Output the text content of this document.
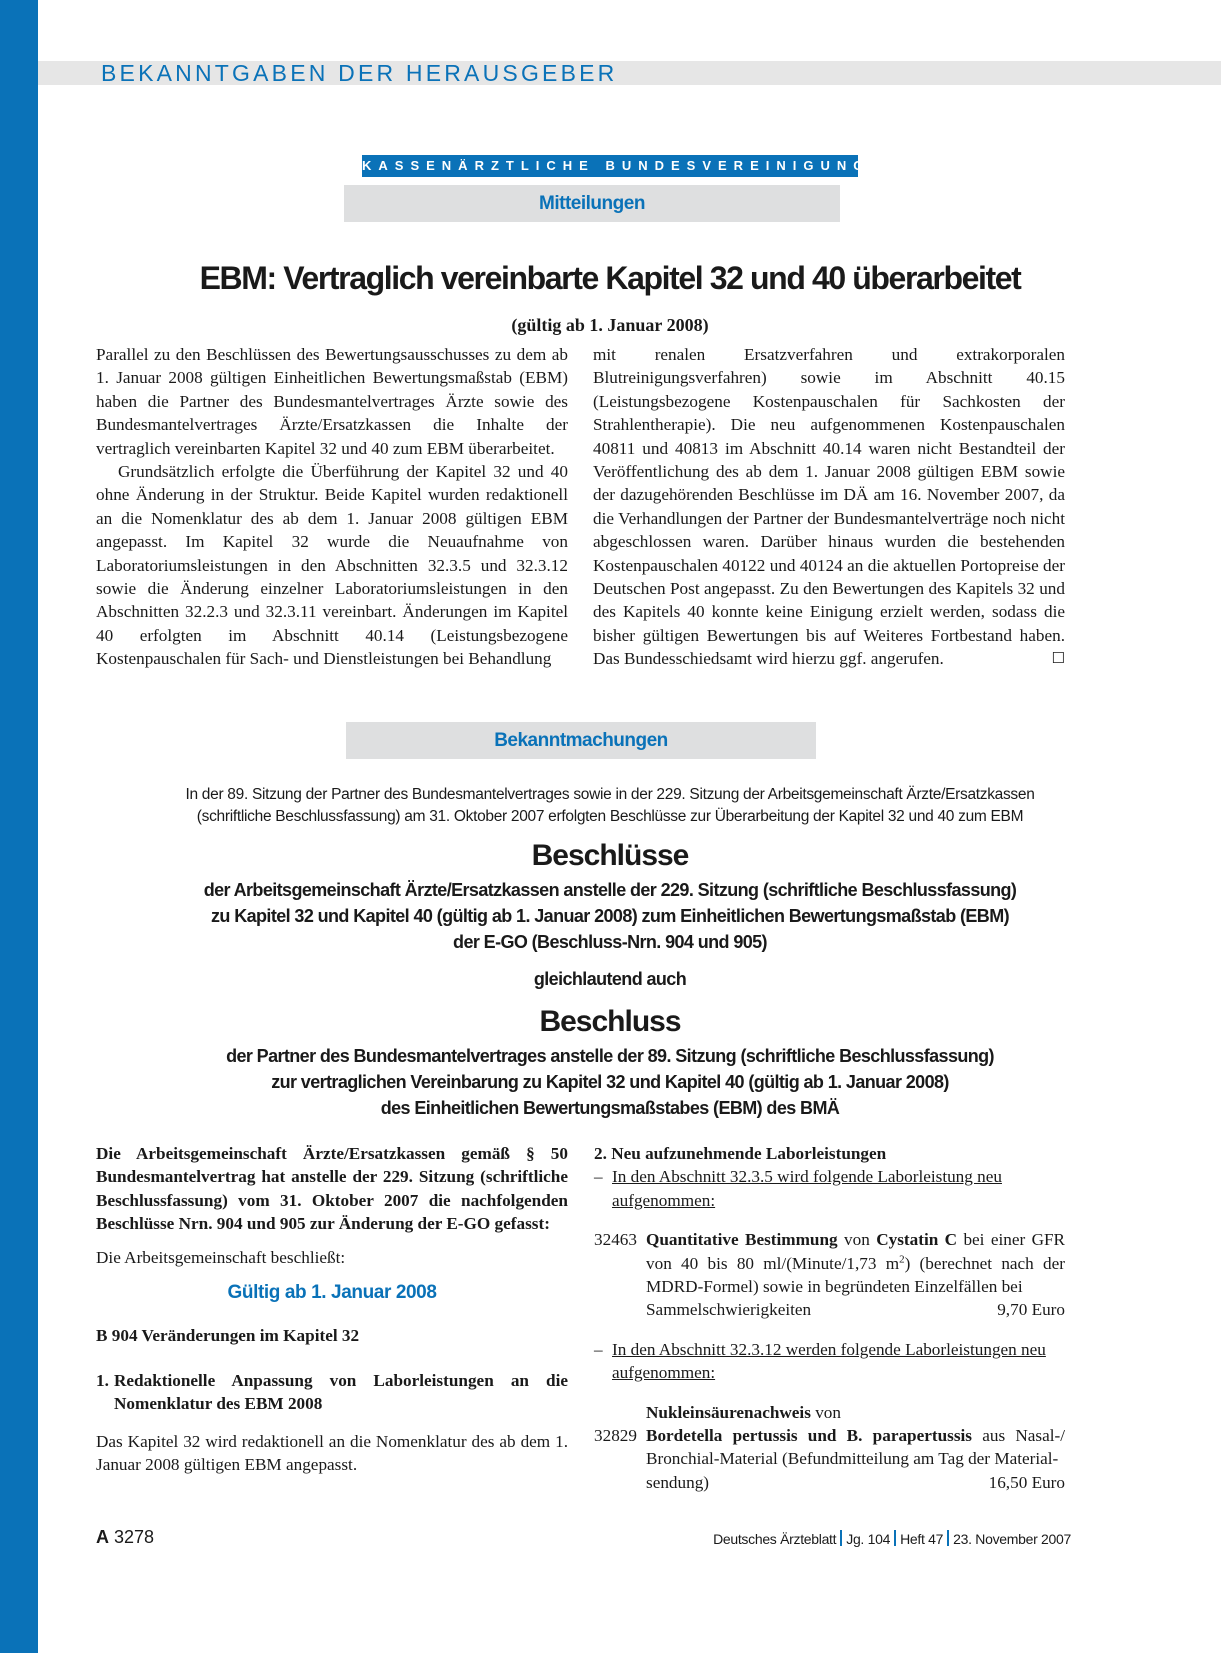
BEKANNTGABEN DER HERAUSGEBER
KASSENÄRZTLICHE BUNDESVEREINIGUNG
Mitteilungen
EBM: Vertraglich vereinbarte Kapitel 32 und 40 überarbeitet
(gültig ab 1. Januar 2008)

Parallel zu den Beschlüssen des Bewertungsausschusses zu dem ab 1. Januar 2008 gültigen Einheitlichen Bewertungsmaßstab (EBM) haben die Partner des Bundesmantelvertrages Ärzte sowie des Bundesmantelvertrages Ärzte/Ersatzkassen die Inhalte der vertraglich vereinbarten Kapitel 32 und 40 zum EBM überarbeitet.

Grundsätzlich erfolgte die Überführung der Kapitel 32 und 40 ohne Änderung in der Struktur. Beide Kapitel wurden redaktionell an die Nomenklatur des ab dem 1. Januar 2008 gültigen EBM angepasst. Im Kapitel 32 wurde die Neuaufnahme von Laboratoriumsleistungen in den Abschnitten 32.3.5 und 32.3.12 sowie die Änderung einzelner Laboratoriumsleistungen in den Abschnitten 32.2.3 und 32.3.11 vereinbart. Änderungen im Kapitel 40 erfolgten im Abschnitt 40.14 (Leistungsbezogene Kostenpauschalen für Sach- und Dienstleistungen bei Behandlung

mit renalen Ersatzverfahren und extrakorporalen Blutreinigungsverfahren) sowie im Abschnitt 40.15 (Leistungsbezogene Kostenpauschalen für Sachkosten der Strahlentherapie). Die neu aufgenommenen Kostenpauschalen 40811 und 40813 im Abschnitt 40.14 waren nicht Bestandteil der Veröffentlichung des ab dem 1. Januar 2008 gültigen EBM sowie der dazugehörenden Beschlüsse im DÄ am 16. November 2007, da die Verhandlungen der Partner der Bundesmantelverträge noch nicht abgeschlossen waren. Darüber hinaus wurden die bestehenden Kostenpauschalen 40122 und 40124 an die aktuellen Portopreise der Deutschen Post angepasst. Zu den Bewertungen des Kapitels 32 und des Kapitels 40 konnte keine Einigung erzielt werden, sodass die bisher gültigen Bewertungen bis auf Weiteres Fortbestand haben. Das Bundesschiedsamt wird hierzu ggf. angerufen.	☐

Bekanntmachungen
In der 89. Sitzung der Partner des Bundesmantelvertrages sowie in der 229. Sitzung der Arbeitsgemeinschaft Ärzte/Ersatzkassen
(schriftliche Beschlussfassung) am 31. Oktober 2007 erfolgten Beschlüsse zur Überarbeitung der Kapitel 32 und 40 zum EBM
Beschlüsse
der Arbeitsgemeinschaft Ärzte/Ersatzkassen anstelle der 229. Sitzung (schriftliche Beschlussfassung)
zu Kapitel 32 und Kapitel 40 (gültig ab 1. Januar 2008) zum Einheitlichen Bewertungsmaßstab (EBM)
der E-GO (Beschluss-Nrn. 904 und 905)
gleichlautend auch
Beschluss
der Partner des Bundesmantelvertrages anstelle der 89. Sitzung (schriftliche Beschlussfassung)
zur vertraglichen Vereinbarung zu Kapitel 32 und Kapitel 40 (gültig ab 1. Januar 2008)
des Einheitlichen Bewertungsmaßstabes (EBM) des BMÄ

Die Arbeitsgemeinschaft Ärzte/Ersatzkassen gemäß § 50 Bundesmantelvertrag hat anstelle der 229. Sitzung (schriftliche Beschlussfassung) vom 31. Oktober 2007 die nachfolgenden Beschlüsse Nrn. 904 und 905 zur Änderung der E-GO gefasst:

Die Arbeitsgemeinschaft beschließt:

Gültig ab 1. Januar 2008

B 904 Veränderungen im Kapitel 32

1. Redaktionelle Anpassung von Laborleistungen an die Nomenklatur des EBM 2008

Das Kapitel 32 wird redaktionell an die Nomenklatur des ab dem 1. Januar 2008 gültigen EBM angepasst.

2. Neu aufzunehmende Laborleistungen

– In den Abschnitt 32.3.5 wird folgende Laborleistung neu aufgenommen:
32463 Quantitative Bestimmung von Cystatin C bei einer GFR von 40 bis 80 ml/(Minute/1,73 $m^2$) (berechnet nach der MDRD-Formel) sowie in begründeten Einzelfällen bei
Sammelschwierigkeiten	9,70 Euro
– In den Abschnitt 32.3.12 werden folgende Laborleistungen neu aufgenommen:
Nukleinsäurenachweis von
32829 Bordetella pertussis und B. parapertussis aus Nasal-/ Bronchial-Material (Befundmitteilung am Tag der Material-
sendung)	16,50 Euro
A 3278	Deutsches Ärzteblatt Jg. 104 Heft 47 23. November 2007
